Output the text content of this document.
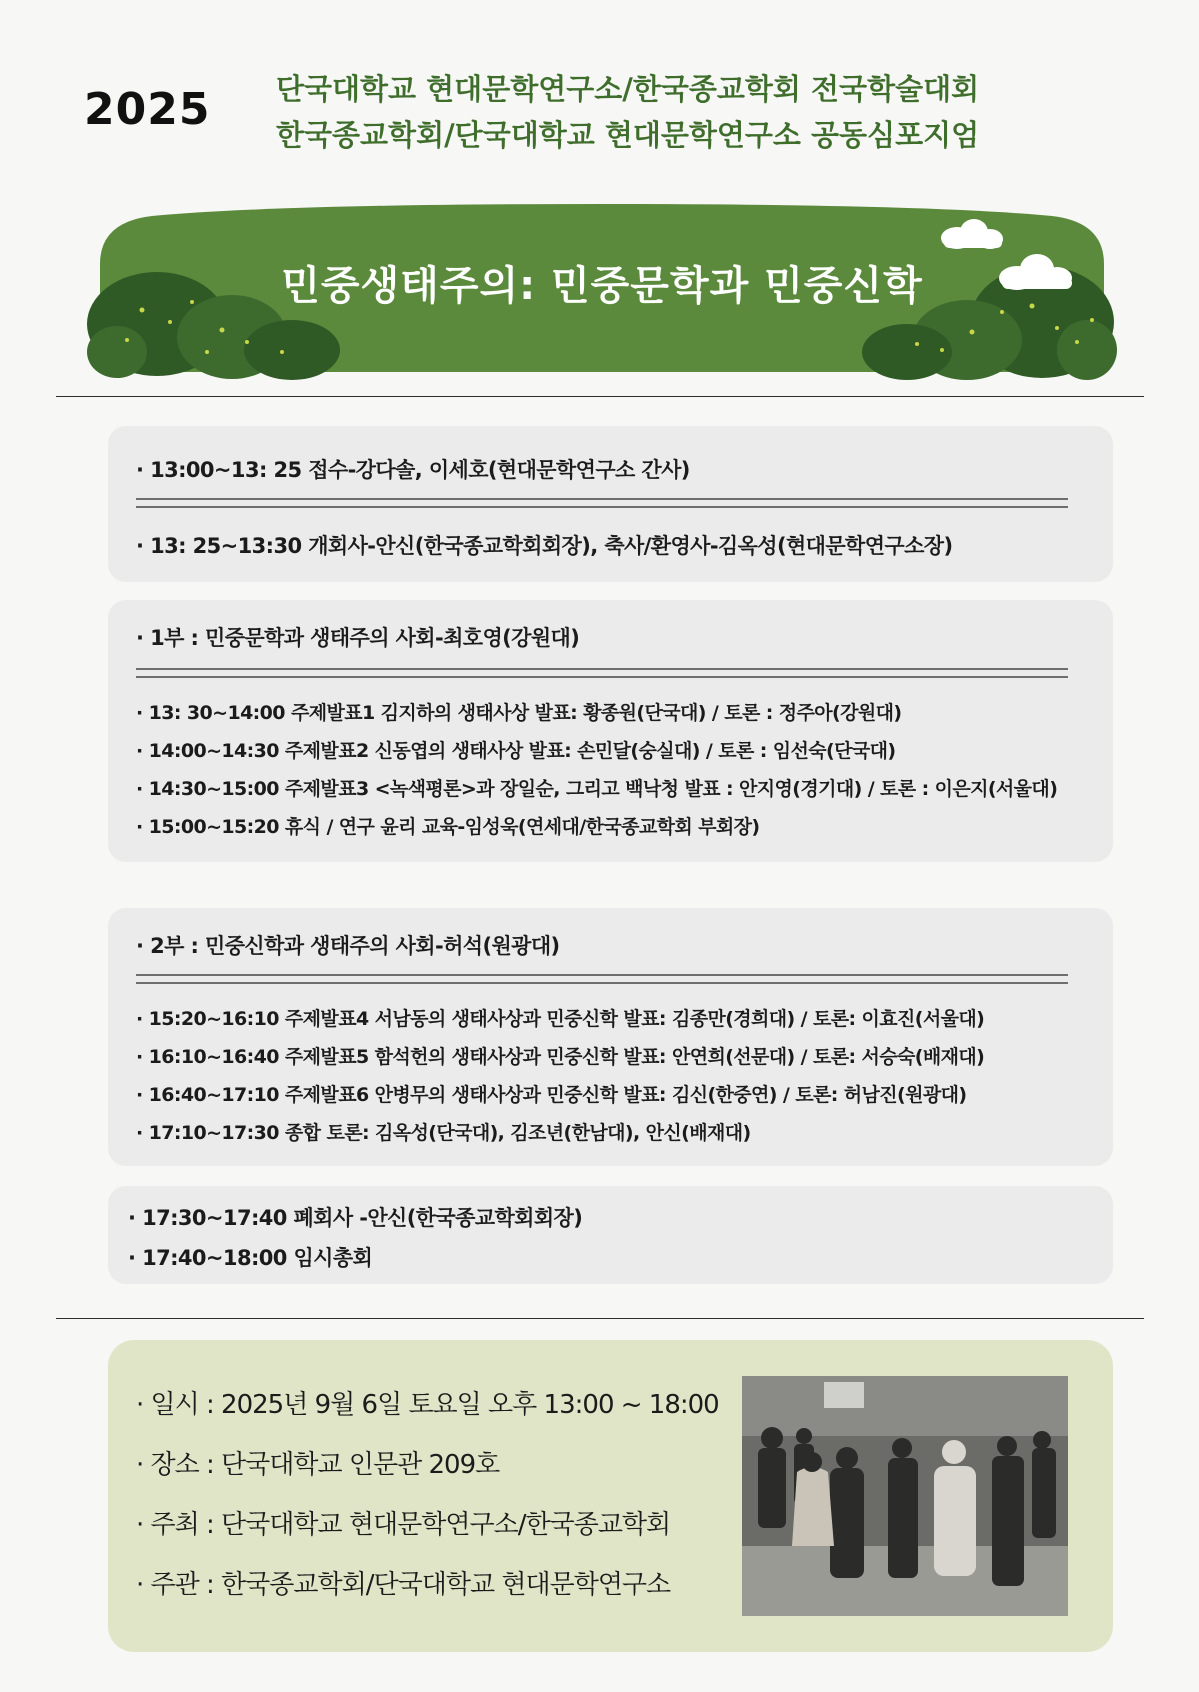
2025 단국대학교 현대문학연구소/한국종교학회 전국학술대회
한국종교학회/단국대학교 현대문학연구소 공동심포지엄
민중생태주의: 민중문학과 민중신학
· 13:00~13: 25 접수-강다솔, 이세호(현대문학연구소 간사)
· 13: 25~13:30 개회사-안신(한국종교학회회장), 축사/환영사-김옥성(현대문학연구소장)
· 1부 : 민중문학과 생태주의 사회-최호영(강원대)
· 13: 30~14:00 주제발표1 김지하의 생태사상 발표: 황종원(단국대) / 토론 : 정주아(강원대)
· 14:00~14:30 주제발표2 신동엽의 생태사상 발표: 손민달(숭실대) / 토론 : 임선숙(단국대)
· 14:30~15:00 주제발표3 <녹색평론>과 장일순, 그리고 백낙청 발표 : 안지영(경기대) / 토론 : 이은지(서울대)
· 15:00~15:20 휴식 / 연구 윤리 교육-임성욱(연세대/한국종교학회 부회장)
· 2부 : 민중신학과 생태주의 사회-허석(원광대)
· 15:20~16:10 주제발표4 서남동의 생태사상과 민중신학 발표: 김종만(경희대) / 토론: 이효진(서울대)
· 16:10~16:40 주제발표5 함석헌의 생태사상과 민중신학 발표: 안연희(선문대) / 토론: 서승숙(배재대)
· 16:40~17:10 주제발표6 안병무의 생태사상과 민중신학 발표: 김신(한중연) / 토론: 허남진(원광대)
· 17:10~17:30 종합 토론: 김옥성(단국대), 김조년(한남대), 안신(배재대)
· 17:30~17:40 폐회사 -안신(한국종교학회회장)
· 17:40~18:00 임시총회
· 일시 : 2025년 9월 6일 토요일 오후 13:00 ~ 18:00
· 장소 : 단국대학교 인문관 209호
· 주최 : 단국대학교 현대문학연구소/한국종교학회
· 주관 : 한국종교학회/단국대학교 현대문학연구소
